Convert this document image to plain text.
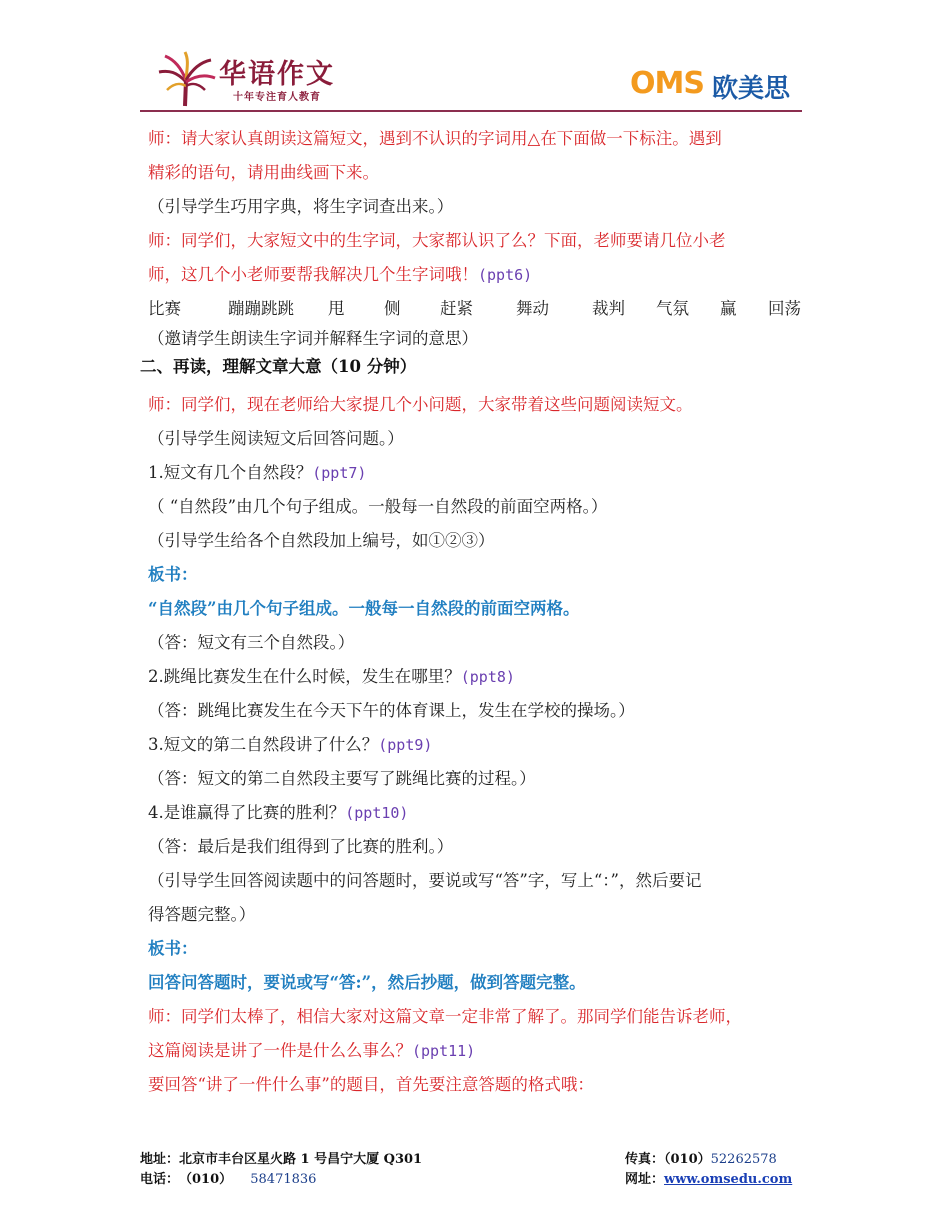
华语作文
十年专注育人教育	OMS 欧美思
师：请大家认真朗读这篇短文，遇到不认识的字词用△在下面做一下标注。遇到
精彩的语句，请用曲线画下来。
（引导学生巧用字典，将生字词查出来。）
师：同学们，大家短文中的生字词，大家都认识了么？下面，老师要请几位小老
师，这几个小老师要帮我解决几个生字词哦！(ppt6)
比赛	蹦蹦跳跳	甩	侧	赶紧	舞动	裁判	气氛	赢	回荡
（邀请学生朗读生字词并解释生字词的意思）
二、再读，理解文章大意（10 分钟）
师：同学们，现在老师给大家提几个小问题，大家带着这些问题阅读短文。
（引导学生阅读短文后回答问题。）
1.短文有几个自然段？(ppt7)
（ “自然段”由几个句子组成。一般每一自然段的前面空两格。）
（引导学生给各个自然段加上编号，如①②③）
板书：
“自然段”由几个句子组成。一般每一自然段的前面空两格。
（答：短文有三个自然段。）
2.跳绳比赛发生在什么时候，发生在哪里？(ppt8)
（答：跳绳比赛发生在今天下午的体育课上，发生在学校的操场。）
3.短文的第二自然段讲了什么？(ppt9)
（答：短文的第二自然段主要写了跳绳比赛的过程。）
4.是谁赢得了比赛的胜利？(ppt10)
（答：最后是我们组得到了比赛的胜利。）
（引导学生回答阅读题中的问答题时，要说或写“答”字，写上“：”，然后要记
得答题完整。）
板书：
回答问答题时，要说或写“答:”，然后抄题，做到答题完整。
师：同学们太棒了，相信大家对这篇文章一定非常了解了。那同学们能告诉老师，
这篇阅读是讲了一件是什么么事么？(ppt11)
要回答“讲了一件什么事”的题目，首先要注意答题的格式哦：
地址：北京市丰台区星火路 1 号昌宁大厦 Q301	传真：（010）52262578
电话：　（010） 58471836	网址：www.omsedu.com
